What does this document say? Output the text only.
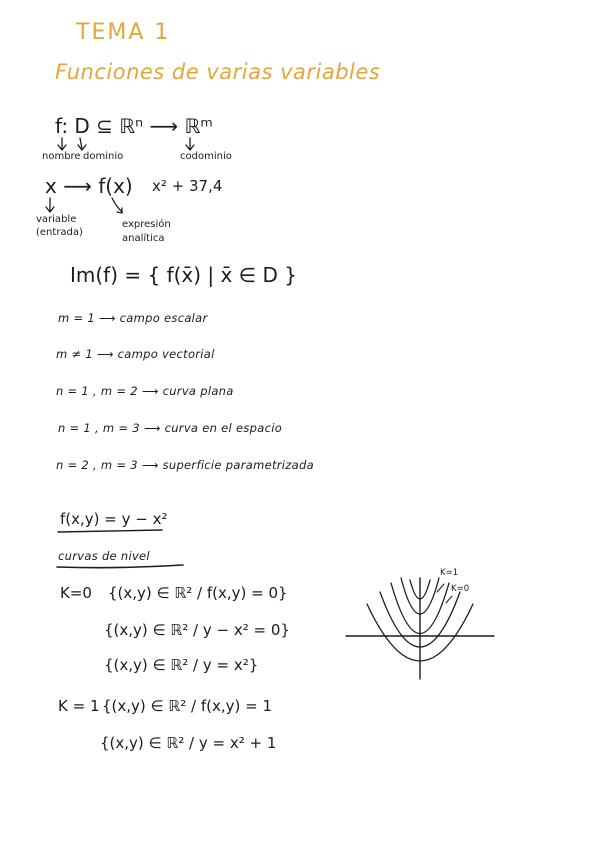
TEMA 1
Funciones de varias variables
f: D ⊆ ℝⁿ ⟶ ℝᵐ
nombre dominio	codominio
x ⟶ f(x) x² + 37,4
variable
(entrada)
expresión
analítica
Im(f) = { f(x̄) | x̄ ∈ D }
m = 1 ⟶ campo escalar
m ≠ 1 ⟶ campo vectorial
n = 1 , m = 2 ⟶ curva plana
n = 1 , m = 3 ⟶ curva en el espacio
n = 2 , m = 3 ⟶ superficie parametrizada
f(x,y) = y − x²
curvas de nivel
K=0 {(x,y) ∈ ℝ² / f(x,y) = 0}
{(x,y) ∈ ℝ² / y − x² = 0}
{(x,y) ∈ ℝ² / y = x²}
K = 1 {(x,y) ∈ ℝ² / f(x,y) = 1
{(x,y) ∈ ℝ² / y = x² + 1
K=1
K=0
